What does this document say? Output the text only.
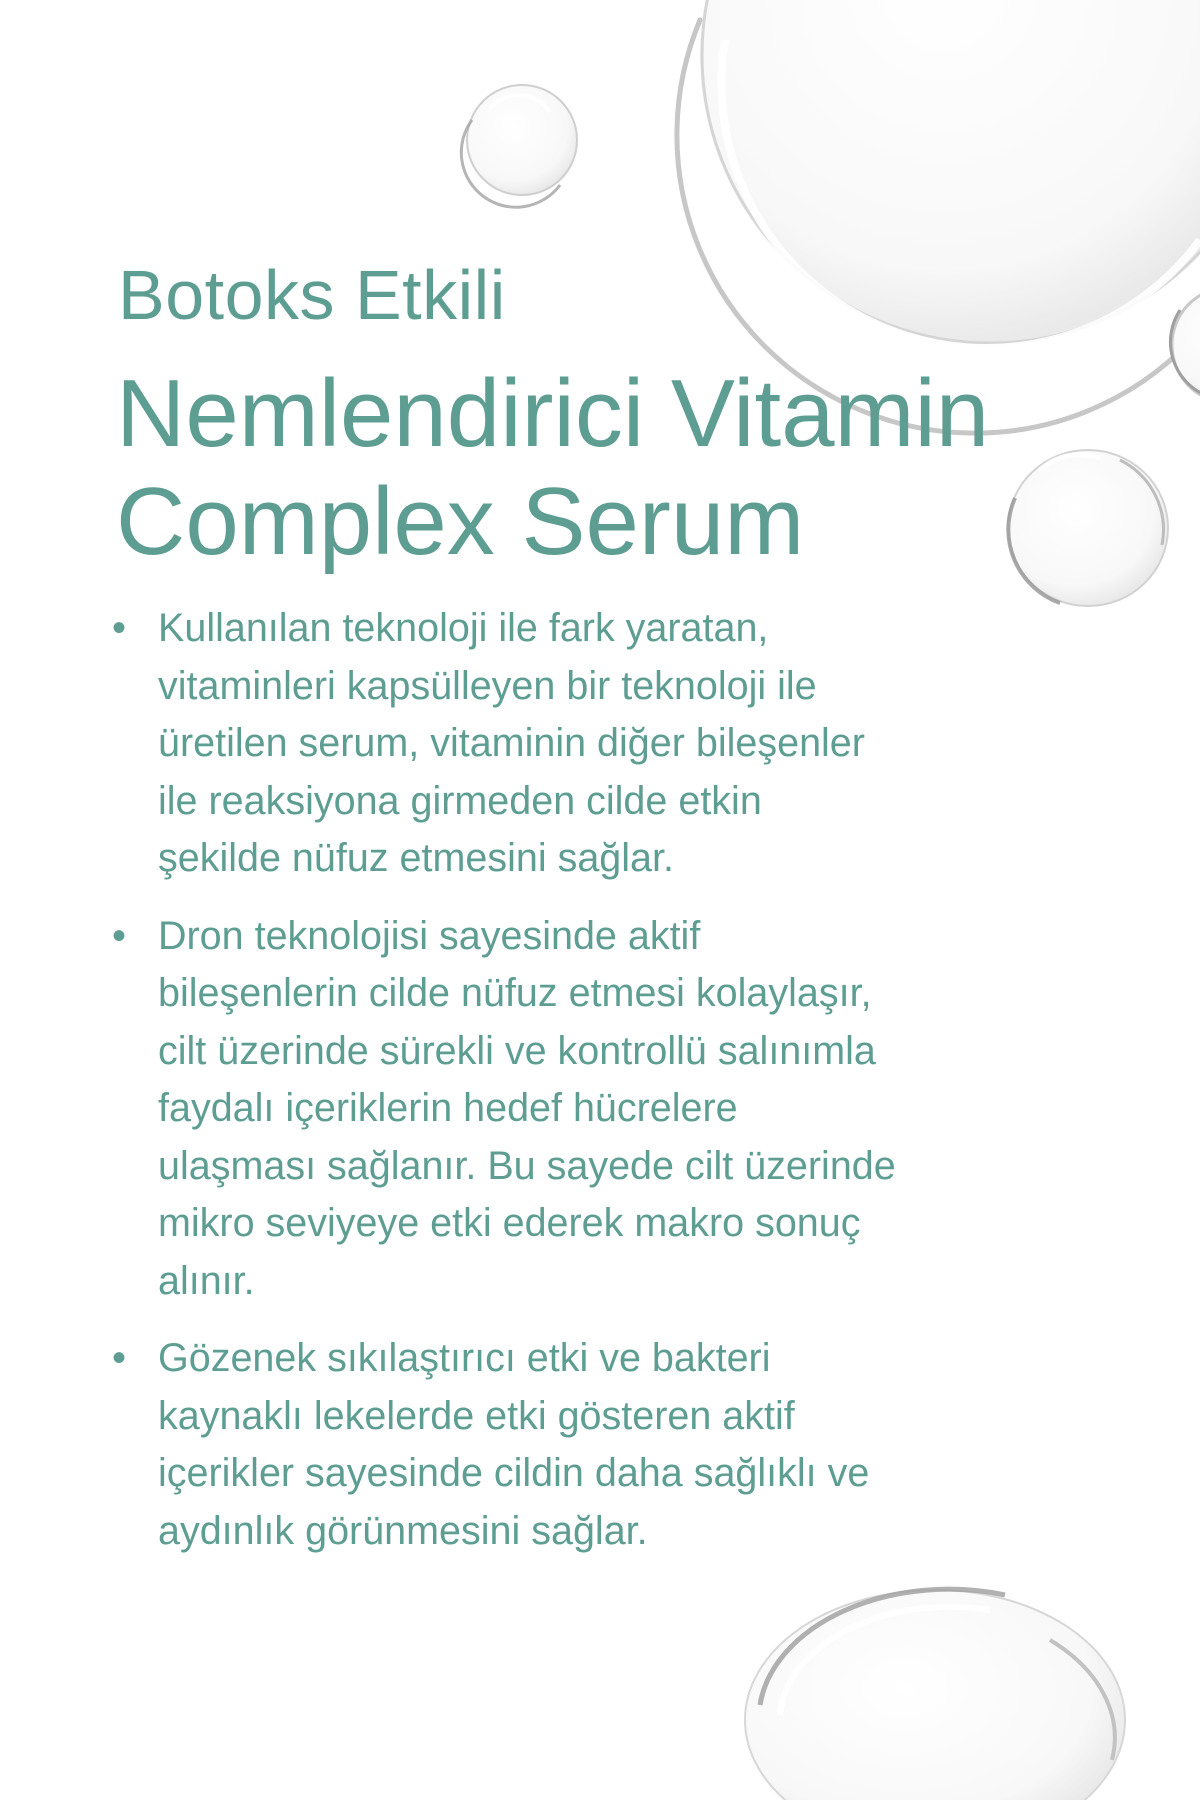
Botoks Etkili
Nemlendirici Vitamin
Complex Serum
• Kullanılan teknoloji ile fark yaratan,
vitaminleri kapsülleyen bir teknoloji ile
üretilen serum, vitaminin diğer bileşenler
ile reaksiyona girmeden cilde etkin
şekilde nüfuz etmesini sağlar.
• Dron teknolojisi sayesinde aktif
bileşenlerin cilde nüfuz etmesi kolaylaşır,
cilt üzerinde sürekli ve kontrollü salınımla
faydalı içeriklerin hedef hücrelere
ulaşması sağlanır. Bu sayede cilt üzerinde
mikro seviyeye etki ederek makro sonuç
alınır.
• Gözenek sıkılaştırıcı etki ve bakteri
kaynaklı lekelerde etki gösteren aktif
içerikler sayesinde cildin daha sağlıklı ve
aydınlık görünmesini sağlar.
